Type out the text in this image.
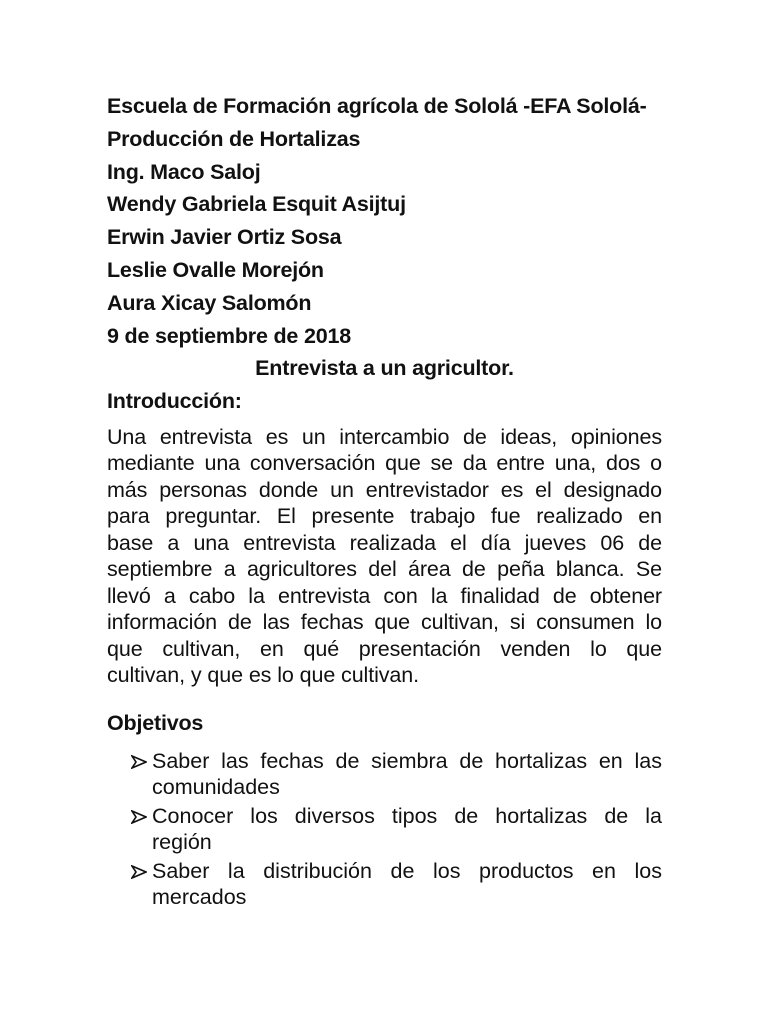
Escuela de Formación agrícola de Sololá -EFA Sololá-
Producción de Hortalizas
Ing. Maco Saloj
Wendy Gabriela Esquit Asijtuj
Erwin Javier Ortiz Sosa
Leslie Ovalle Morejón
Aura Xicay Salomón
9 de septiembre de 2018
Entrevista a un agricultor.
Introducción:
Una entrevista es un intercambio de ideas, opiniones
mediante una conversación que se da entre una, dos o
más personas donde un entrevistador es el designado
para preguntar. El presente trabajo fue realizado en
base a una entrevista realizada el día jueves 06 de
septiembre a agricultores del área de peña blanca. Se
llevó a cabo la entrevista con la finalidad de obtener
información de las fechas que cultivan, si consumen lo
que cultivan, en qué presentación venden lo que
cultivan, y que es lo que cultivan.
Objetivos
Saber las fechas de siembra de hortalizas en las
comunidades
Conocer los diversos tipos de hortalizas de la
región
Saber la distribución de los productos en los
mercados
